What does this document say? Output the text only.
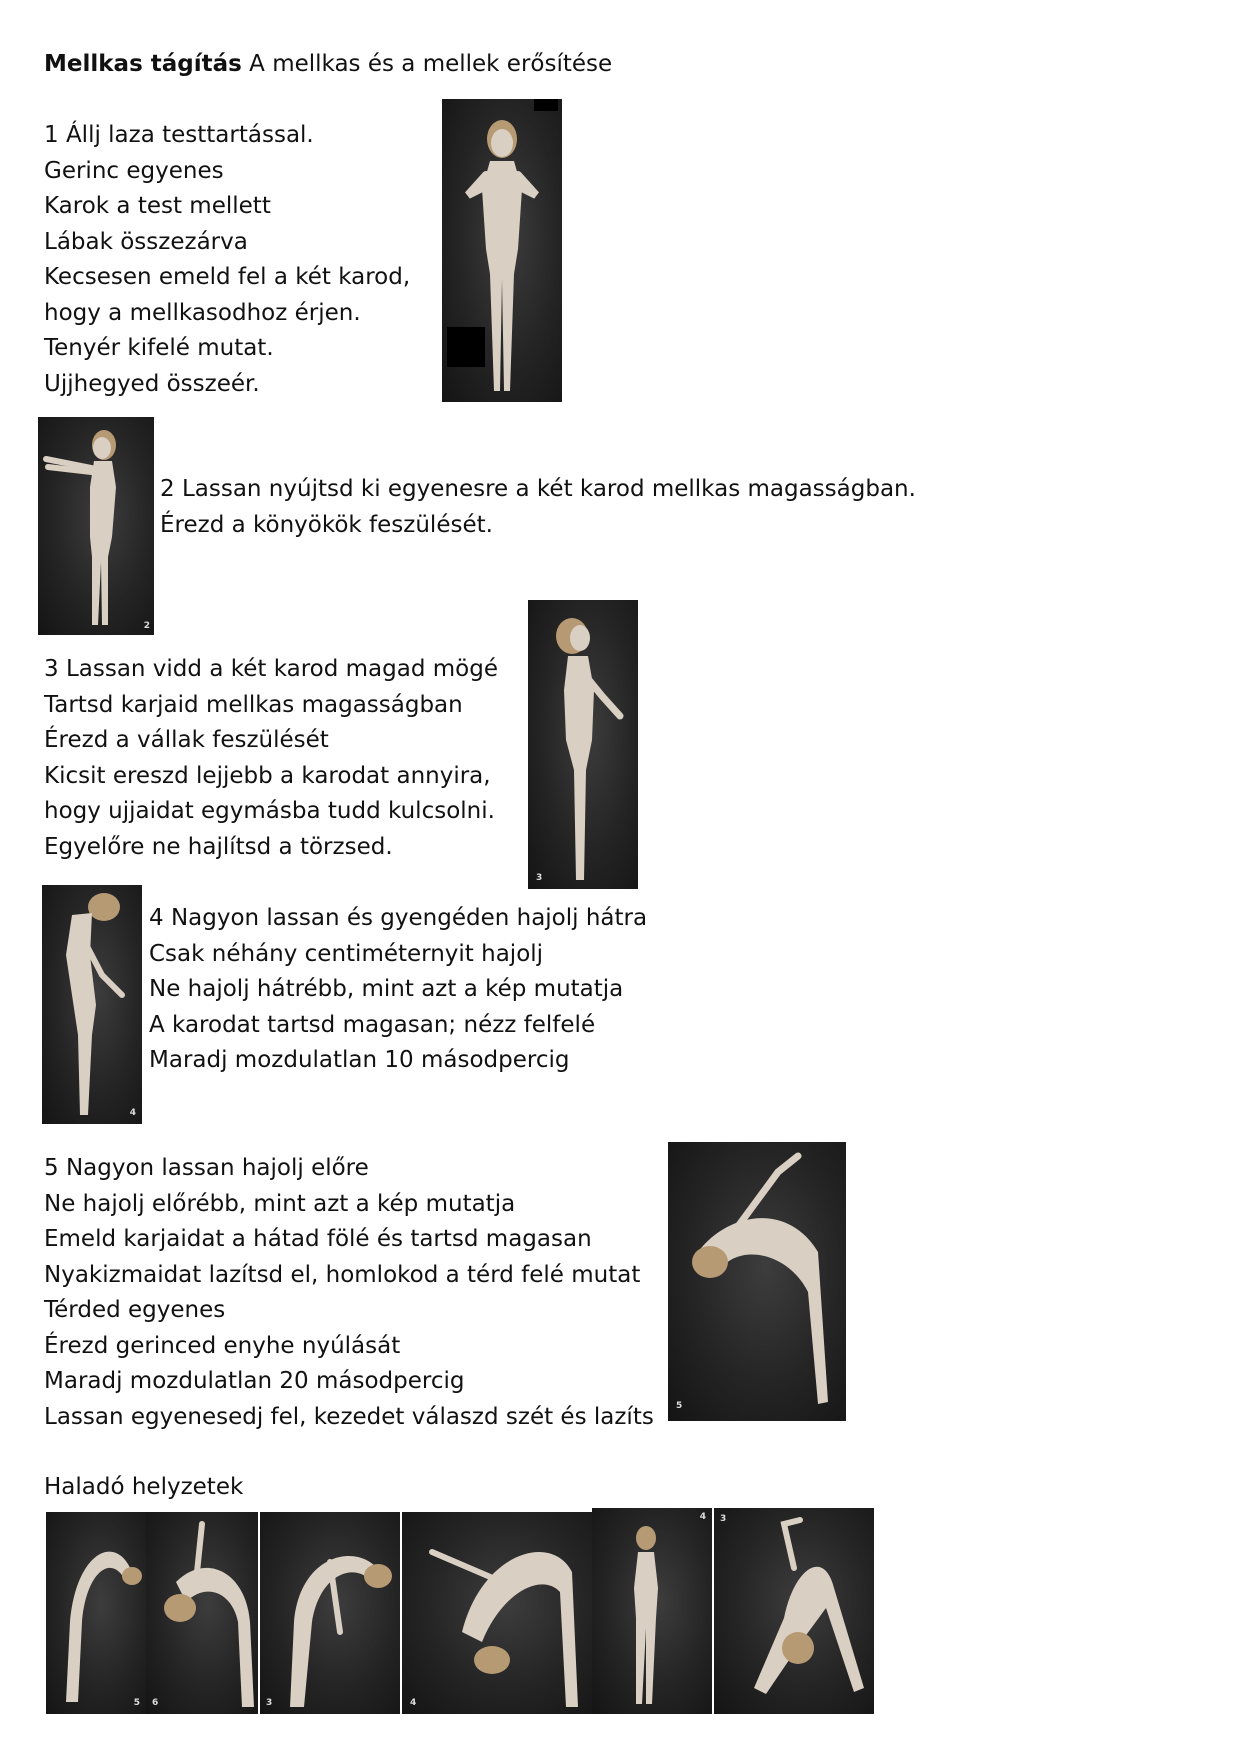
Mellkas tágítás A mellkas és a mellek erősítése
1 Állj laza testtartással.
Gerinc egyenes
Karok a test mellett
Lábak összezárva
Kecsesen emeld fel a két karod,
hogy a mellkasodhoz érjen.
Tenyér kifelé mutat.
Ujjhegyed összeér.
2
2 Lassan nyújtsd ki egyenesre a két karod mellkas magasságban.
Érezd a könyökök feszülését.
3 Lassan vidd a két karod magad mögé
Tartsd karjaid mellkas magasságban
Érezd a vállak feszülését
Kicsit ereszd lejjebb a karodat annyira,
hogy ujjaidat egymásba tudd kulcsolni.
Egyelőre ne hajlítsd a törzsed.
3
4
4 Nagyon lassan és gyengéden hajolj hátra
Csak néhány centiméternyit hajolj
Ne hajolj hátrébb, mint azt a kép mutatja
A karodat tartsd magasan; nézz felfelé
Maradj mozdulatlan 10 másodpercig
5 Nagyon lassan hajolj előre
Ne hajolj előrébb, mint azt a kép mutatja
Emeld karjaidat a hátad fölé és tartsd magasan
Nyakizmaidat lazítsd el, homlokod a térd felé mutat
Térded egyenes
Érezd gerinced enyhe nyúlását
Maradj mozdulatlan 20 másodpercig
Lassan egyenesedj fel, kezedet válaszd szét és lazíts 5
Haladó helyzetek
5 6	3	4
4 3
